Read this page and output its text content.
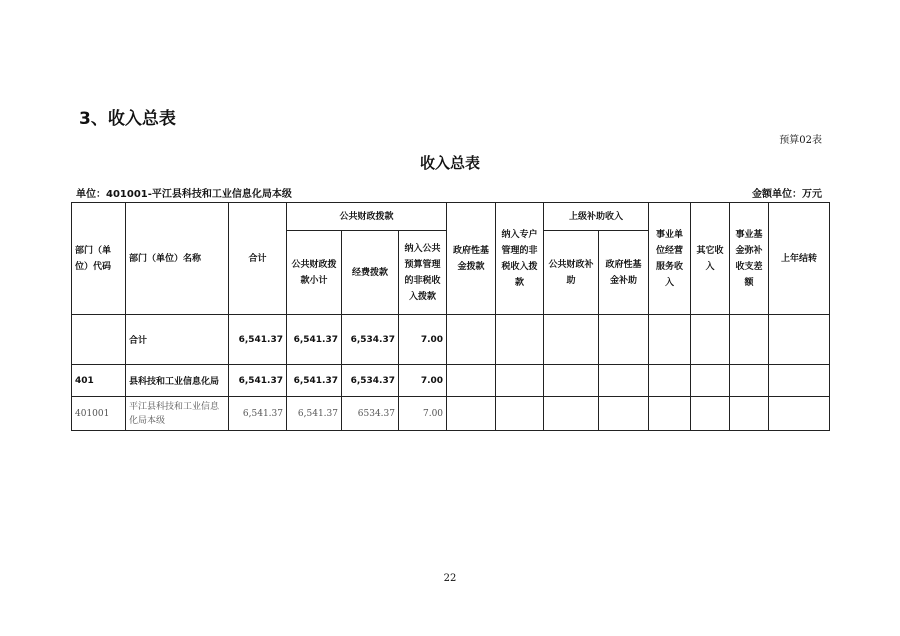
3、收入总表
预算02表
收入总表
单位：401001-平江县科技和工业信息化局本级	金额单位：万元
部门（单位）代码	部门（单位）名称	合计	公共财政拨款			政府性基金拨款	纳入专户管理的非税收入拨款	上级补助收入		事业单位经营服务收入	其它收入	事业基金弥补收支差额	上年结转
			公共财政拨款小计	经费拨款	纳入公共预算管理的非税收入拨款			公共财政补助	政府性基金补助				
	合计	6,541.37	6,541.37	6,534.37	7.00								
401	县科技和工业信息化局	6,541.37	6,541.37	6,534.37	7.00								
401001	平江县科技和工业信息化局本级	6,541.37	6,541.37	6534.37	7.00								
22
